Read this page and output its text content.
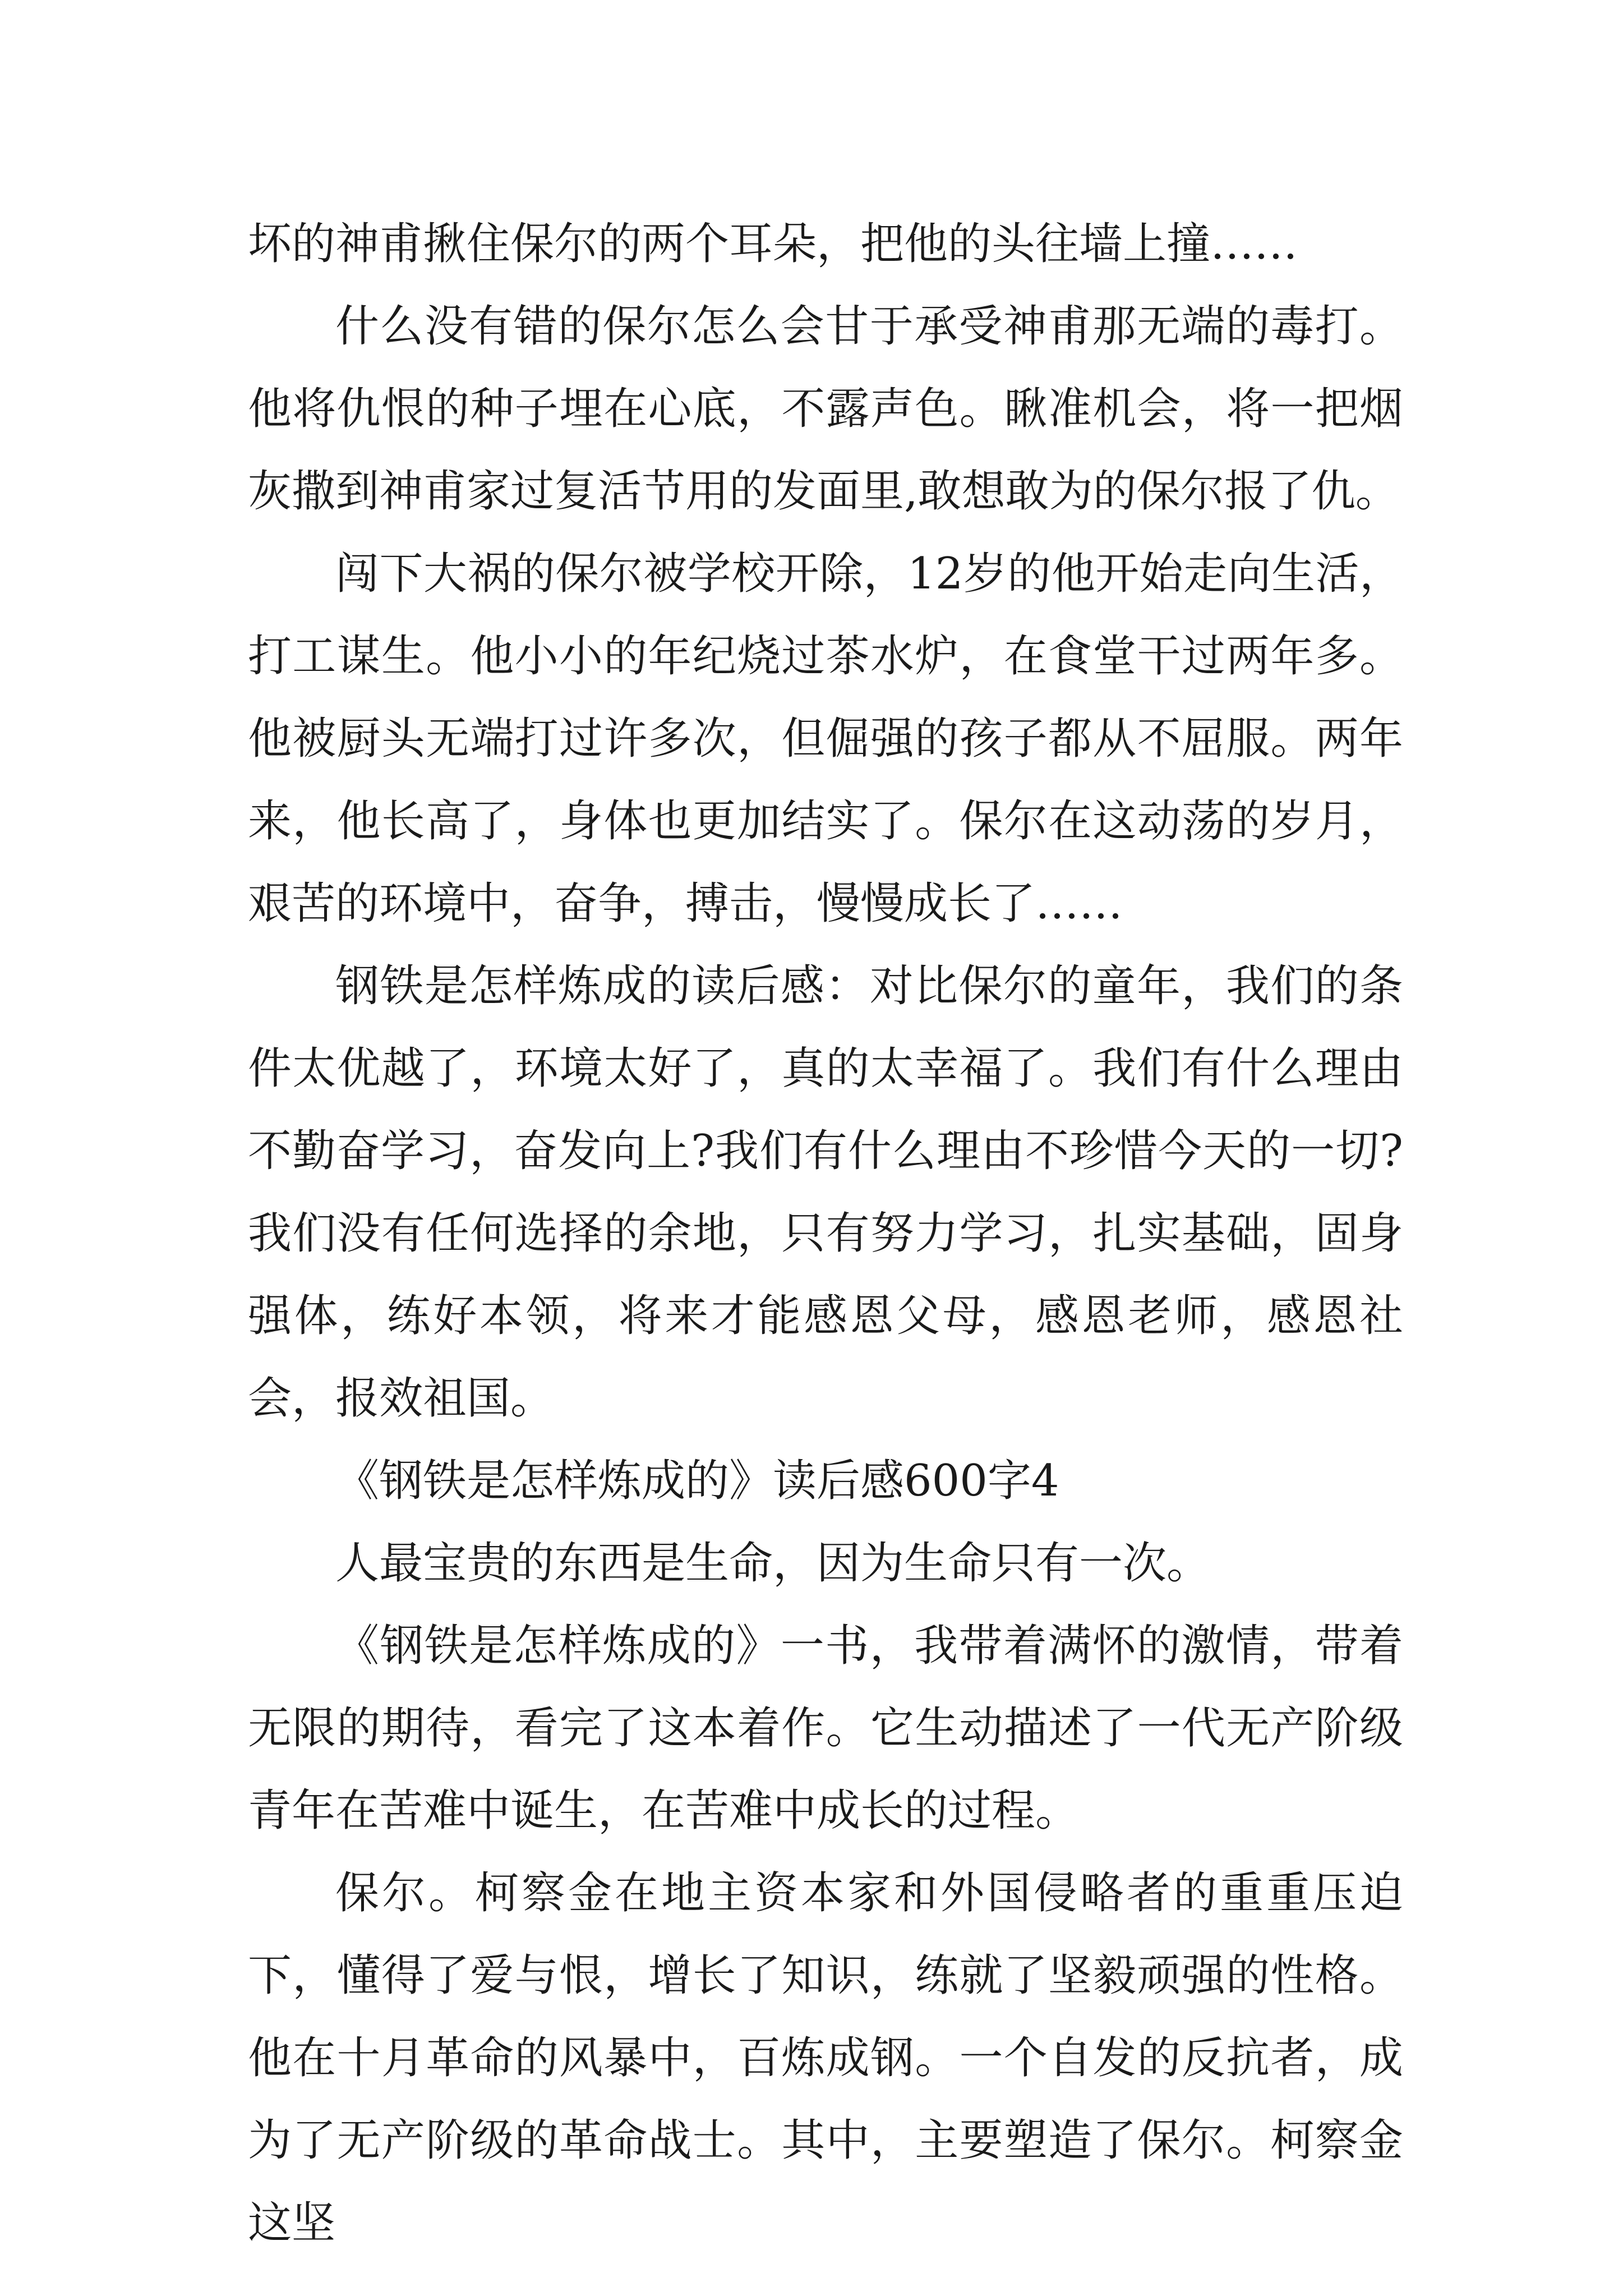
坏的神甫揪住保尔的两个耳朵，把他的头往墙上撞……

什么没有错的保尔怎么会甘于承受神甫那无端的毒打。他将仇恨的种子埋在心底，不露声色。瞅准机会，将一把烟灰撒到神甫家过复活节用的发面里,敢想敢为的保尔报了仇。

闯下大祸的保尔被学校开除，12岁的他开始走向生活，打工谋生。他小小的年纪烧过茶水炉，在食堂干过两年多。他被厨头无端打过许多次，但倔强的孩子都从不屈服。两年来，他长高了，身体也更加结实了。保尔在这动荡的岁月，艰苦的环境中，奋争，搏击，慢慢成长了……

钢铁是怎样炼成的读后感：对比保尔的童年，我们的条件太优越了，环境太好了，真的太幸福了。我们有什么理由不勤奋学习，奋发向上?我们有什么理由不珍惜今天的一切?我们没有任何选择的余地，只有努力学习，扎实基础，固身强体，练好本领，将来才能感恩父母，感恩老师，感恩社会，报效祖国。

《钢铁是怎样炼成的》读后感600字4

人最宝贵的东西是生命，因为生命只有一次。

《钢铁是怎样炼成的》一书，我带着满怀的激情，带着无限的期待，看完了这本着作。它生动描述了一代无产阶级青年在苦难中诞生，在苦难中成长的过程。

保尔。柯察金在地主资本家和外国侵略者的重重压迫下，懂得了爱与恨，增长了知识，练就了坚毅顽强的性格。他在十月革命的风暴中，百炼成钢。一个自发的反抗者，成为了无产阶级的革命战士。其中，主要塑造了保尔。柯察金这坚
